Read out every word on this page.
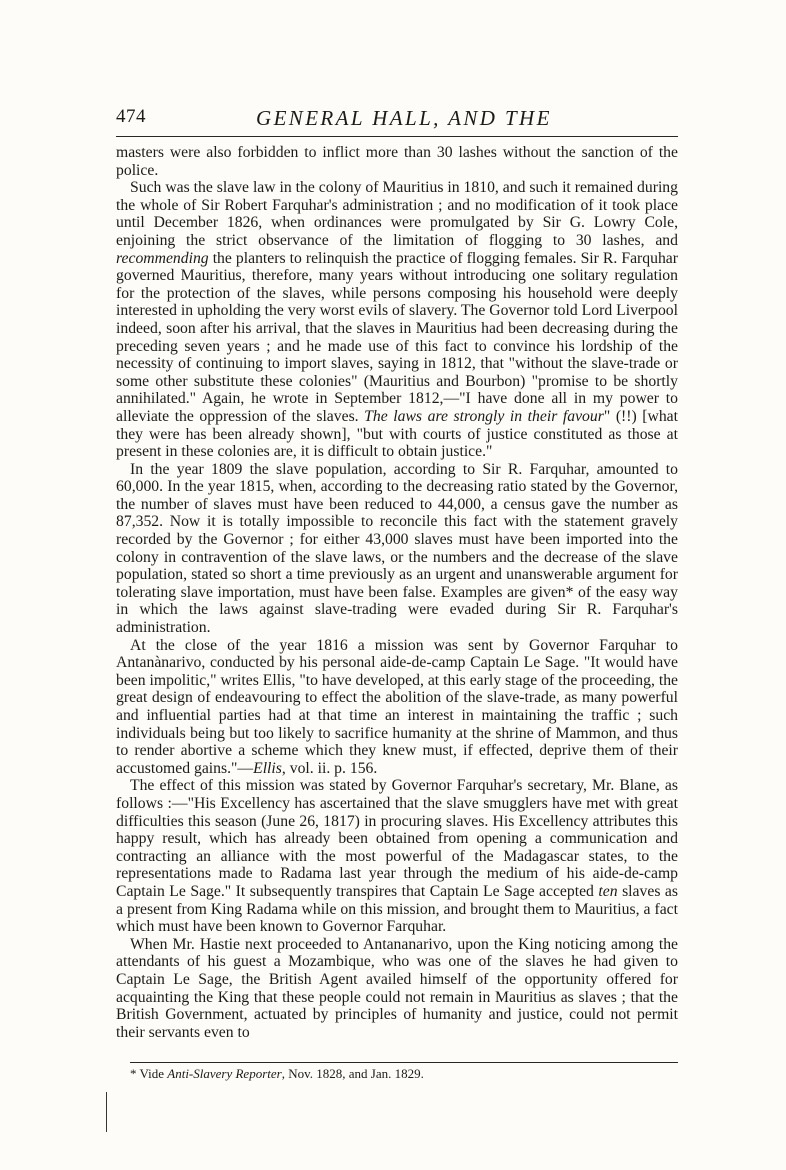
474	GENERAL HALL, AND THE

masters were also forbidden to inflict more than 30 lashes without the sanction of the police.

Such was the slave law in the colony of Mauritius in 1810, and such it remained during the whole of Sir Robert Farquhar's administration ; and no modification of it took place until December 1826, when ordinances were promulgated by Sir G. Lowry Cole, enjoining the strict observance of the limitation of flogging to 30 lashes, and recommending the planters to relinquish the practice of flogging females. Sir R. Farquhar governed Mauritius, therefore, many years without introducing one solitary regulation for the protection of the slaves, while persons composing his household were deeply interested in upholding the very worst evils of slavery. The Governor told Lord Liverpool indeed, soon after his arrival, that the slaves in Mauritius had been decreasing during the preceding seven years ; and he made use of this fact to convince his lordship of the necessity of continuing to import slaves, saying in 1812, that "without the slave-trade or some other substitute these colonies" (Mauritius and Bourbon) "promise to be shortly annihilated." Again, he wrote in September 1812,—"I have done all in my power to alleviate the oppression of the slaves. The laws are strongly in their favour" (!!) [what they were has been already shown], "but with courts of justice constituted as those at present in these colonies are, it is difficult to obtain justice."

In the year 1809 the slave population, according to Sir R. Farquhar, amounted to 60,000. In the year 1815, when, according to the decreasing ratio stated by the Governor, the number of slaves must have been reduced to 44,000, a census gave the number as 87,352. Now it is totally impossible to reconcile this fact with the statement gravely recorded by the Governor ; for either 43,000 slaves must have been imported into the colony in contravention of the slave laws, or the numbers and the decrease of the slave population, stated so short a time previously as an urgent and unanswerable argument for tolerating slave importation, must have been false. Examples are given* of the easy way in which the laws against slave-trading were evaded during Sir R. Farquhar's administration.

At the close of the year 1816 a mission was sent by Governor Farquhar to Antanànarivo, conducted by his personal aide-de-camp Captain Le Sage. "It would have been impolitic," writes Ellis, "to have developed, at this early stage of the proceeding, the great design of endeavouring to effect the abolition of the slave-trade, as many powerful and influential parties had at that time an interest in maintaining the traffic ; such individuals being but too likely to sacrifice humanity at the shrine of Mammon, and thus to render abortive a scheme which they knew must, if effected, deprive them of their accustomed gains."—Ellis, vol. ii. p. 156.

The effect of this mission was stated by Governor Farquhar's secretary, Mr. Blane, as follows :—"His Excellency has ascertained that the slave smugglers have met with great difficulties this season (June 26, 1817) in procuring slaves. His Excellency attributes this happy result, which has already been obtained from opening a communication and contracting an alliance with the most powerful of the Madagascar states, to the representations made to Radama last year through the medium of his aide-de-camp Captain Le Sage." It subsequently transpires that Captain Le Sage accepted ten slaves as a present from King Radama while on this mission, and brought them to Mauritius, a fact which must have been known to Governor Farquhar.

When Mr. Hastie next proceeded to Antananarivo, upon the King noticing among the attendants of his guest a Mozambique, who was one of the slaves he had given to Captain Le Sage, the British Agent availed himself of the opportunity offered for acquainting the King that these people could not remain in Mauritius as slaves ; that the British Government, actuated by principles of humanity and justice, could not permit their servants even to

* Vide Anti-Slavery Reporter, Nov. 1828, and Jan. 1829.
